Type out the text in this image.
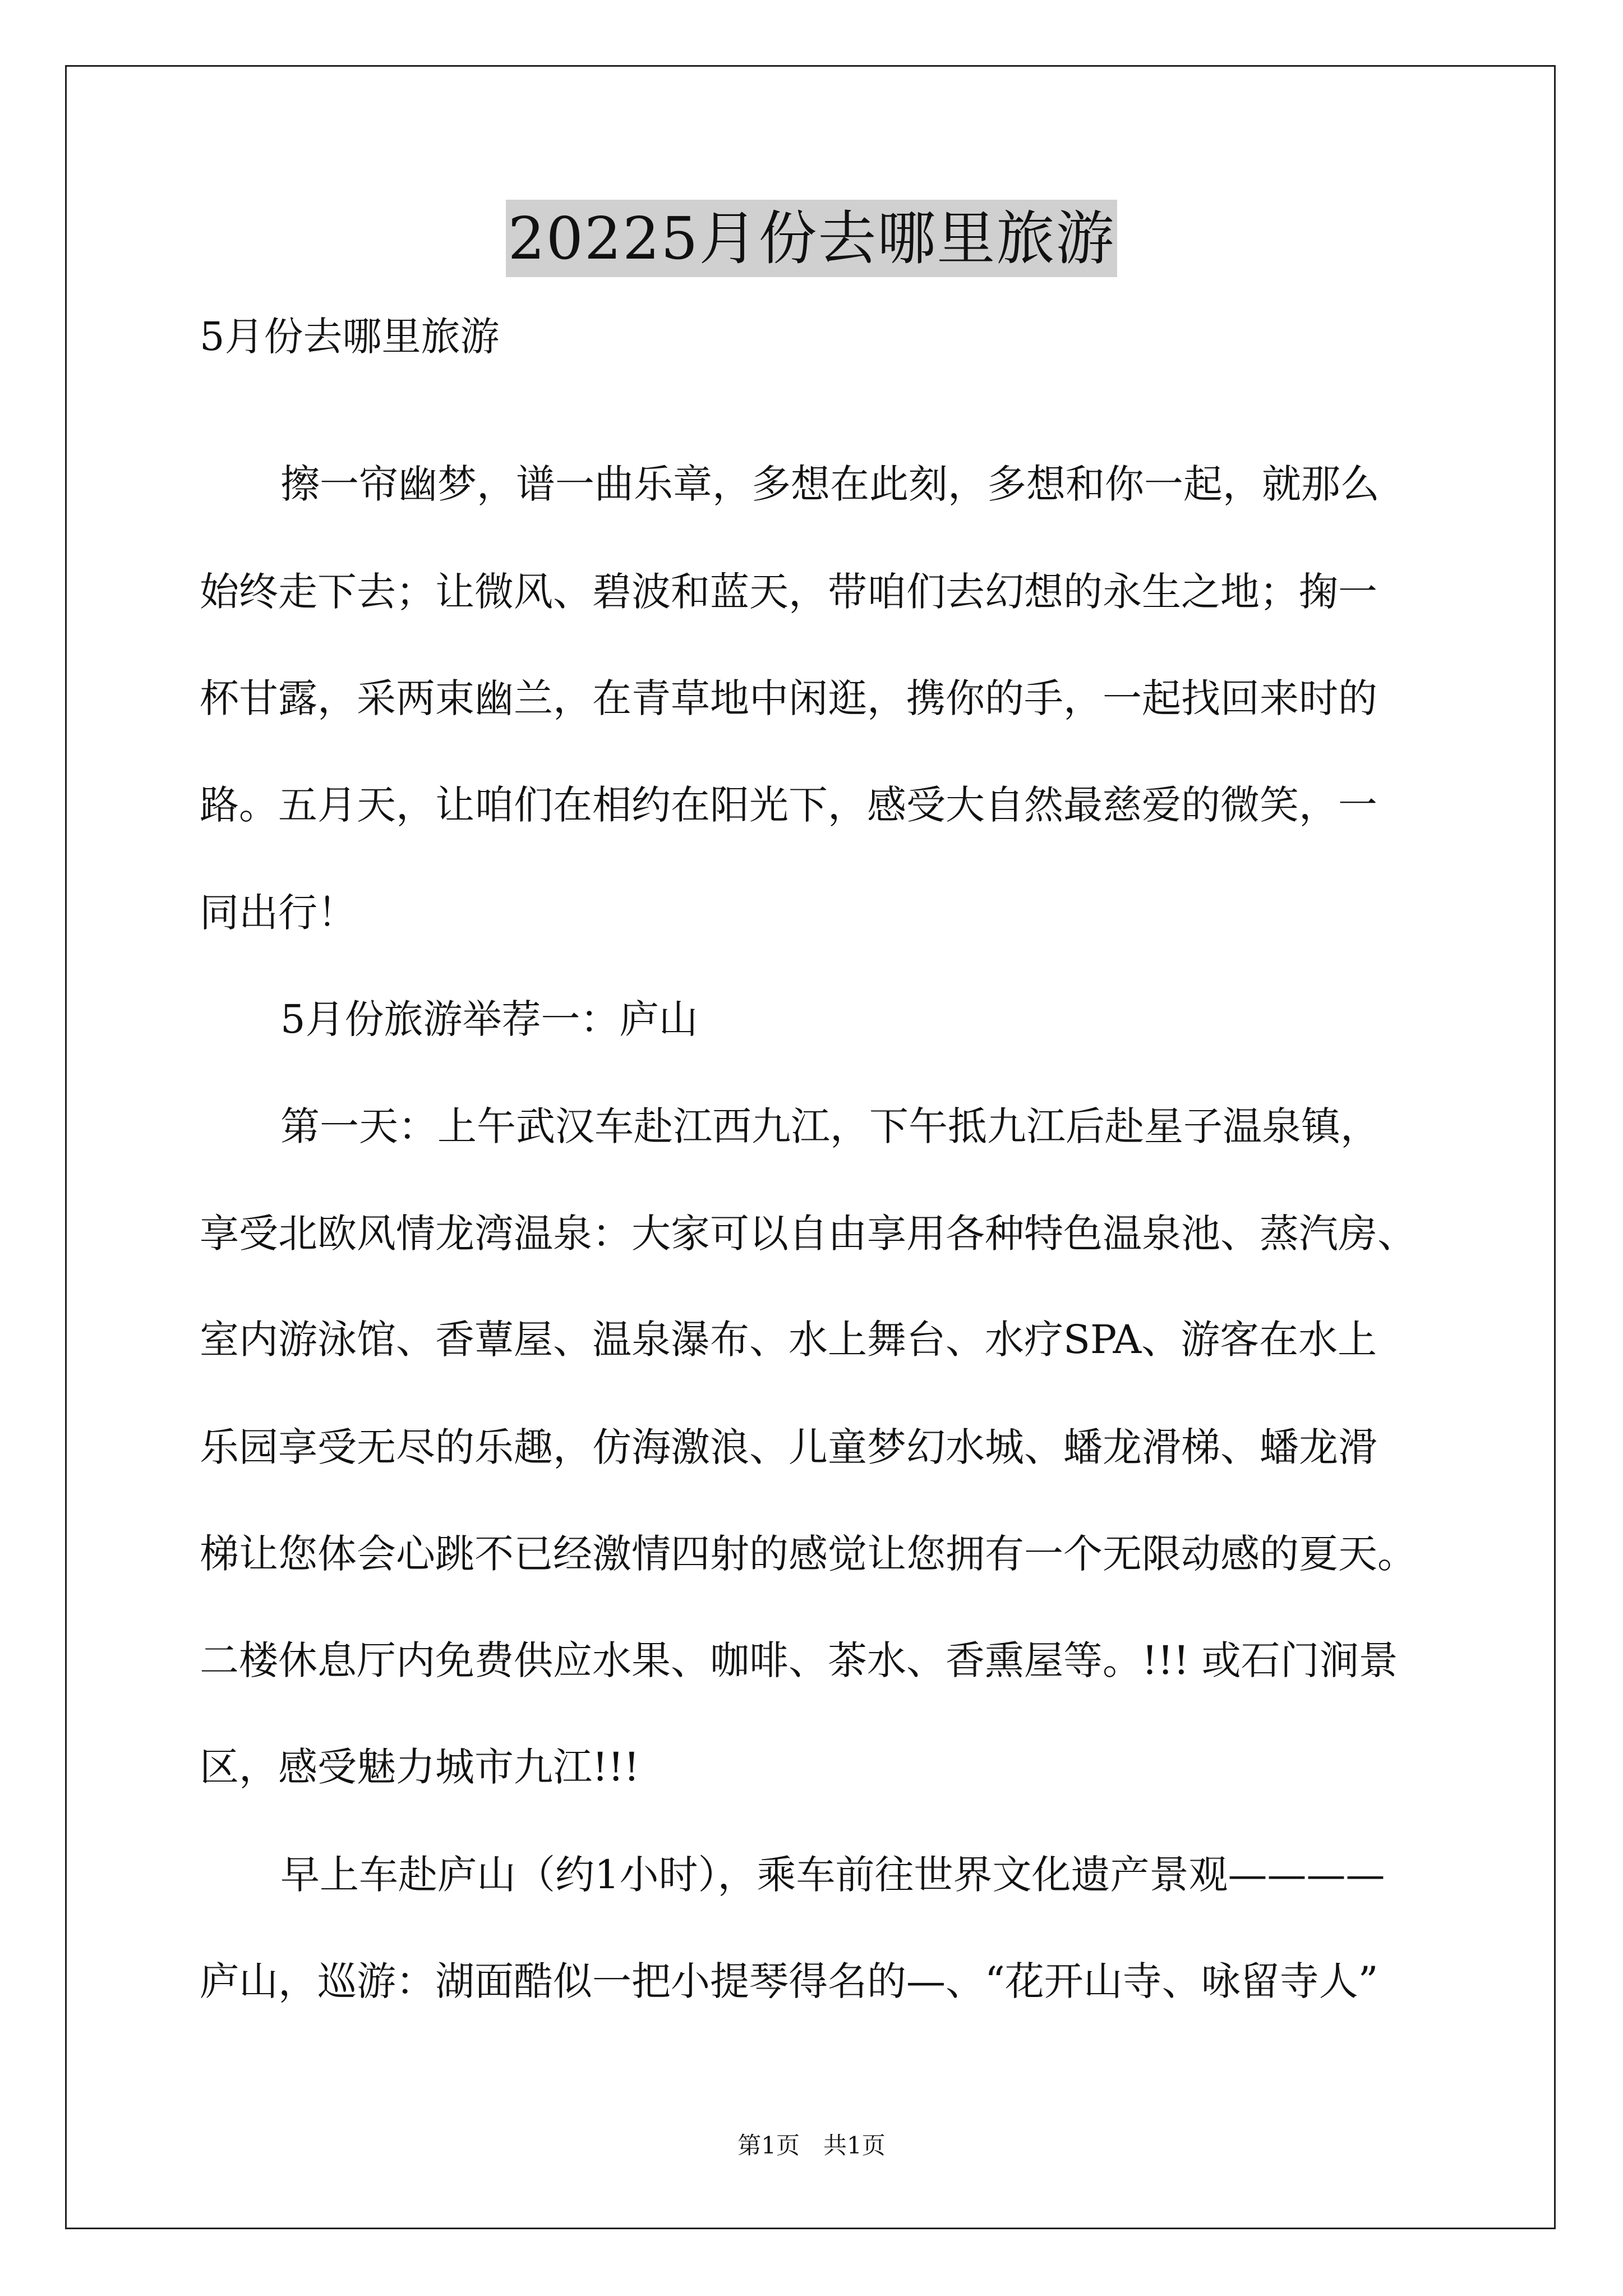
20225月份去哪里旅游
5月份去哪里旅游
擦一帘幽梦，谱一曲乐章，多想在此刻，多想和你一起，就那么
始终走下去；让微风、碧波和蓝天，带咱们去幻想的永生之地；掬一
杯甘露，采两束幽兰，在青草地中闲逛，携你的手，一起找回来时的
路。五月天，让咱们在相约在阳光下，感受大自然最慈爱的微笑，一
同出行！
5月份旅游举荐一：庐山
第一天：上午武汉车赴江西九江，下午抵九江后赴星子温泉镇，
享受北欧风情龙湾温泉：大家可以自由享用各种特色温泉池、蒸汽房、
室内游泳馆、香蕈屋、温泉瀑布、水上舞台、水疗SPA、游客在水上
乐园享受无尽的乐趣，仿海激浪、儿童梦幻水城、蟠龙滑梯、蟠龙滑
梯让您体会心跳不已经激情四射的感觉让您拥有一个无限动感的夏天。
二楼休息厅内免费供应水果、咖啡、茶水、香熏屋等。!!! 或石门涧景
区，感受魅力城市九江!!!
早上车赴庐山（约1小时），乘车前往世界文化遗产景观————
庐山，巡游：湖面酷似一把小提琴得名的—、“花开山寺、咏留寺人”
第1页　共1页
